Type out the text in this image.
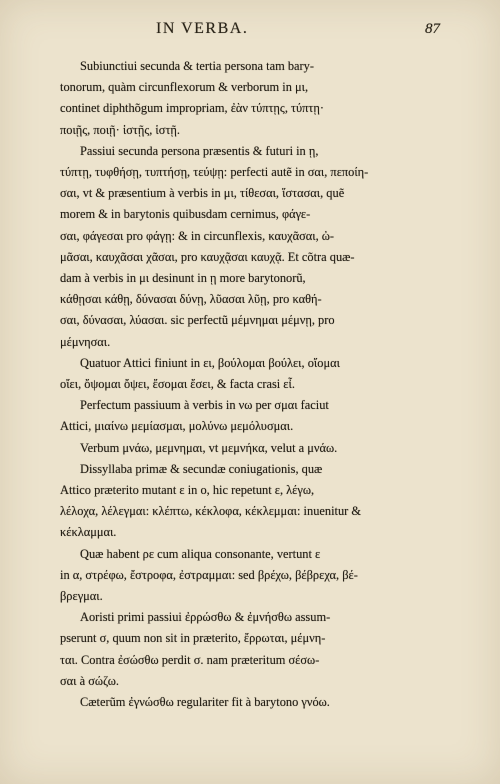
IN VERBA.	87
Subiunctiui secunda & tertia persona tam bary-
tonorum, quàm circunflexorum & verborum in μι,
continet diphthõgum impropriam, ἐὰν τύπτῃς, τύπτῃ·
ποιῇς, ποιῇ· ἱστῇς, ἱστῇ.
Passiui secunda persona præsentis & futuri in ῃ,
τύπτῃ, τυφθήσῃ, τυπτήσῃ, τεύψῃ: perfecti autẽ in σαι, πεποίη-
σαι, vt & præsentium à verbis in μι, τίθεσαι, ἵστασαι, quẽ
morem & in barytonis quibusdam cernimus, φάγε-
σαι, φάγεσαι pro φάγῃ: & in circunflexis, καυχᾶσαι, ὠ-
μᾶσαι, καυχᾶσαι χᾶσαι, pro καυχᾷσαι καυχᾷ. Et cõtra quæ-
dam à verbis in μι desinunt in ῃ more barytonorũ,
κάθῃσαι κάθῃ, δύνασαι δύνῃ, λῦασαι λῦῃ, pro καθή-
σαι, δύνασαι, λύασαι. sic perfectũ μέμνημαι μέμνῃ, pro
μέμνησαι.
Quatuor Attici finiunt in ει, βούλομαι βούλει, οἴομαι
οἴει, ὄψομαι ὄψει, ἔσομαι ἔσει, & facta crasi εἶ.
Perfectum passiuum à verbis in νω per σμαι faciut
Attici, μιαίνω μεμίασμαι, μολύνω μεμόλυσμαι.
Verbum μνάω, μεμνημαι, vt μεμνήκα, velut a μνάω.
Dissyllaba primæ & secundæ coniugationis, quæ
Attico præterito mutant ε in ο, hic repetunt ε, λέγω,
λέλοχα, λέλεγμαι: κλέπτω, κέκλοφα, κέκλεμμαι: inuenitur &
κέκλαμμαι.
Quæ habent ρε cum aliqua consonante, vertunt ε
in α, στρέφω, ἔστροφα, ἐστραμμαι: sed βρέχω, βέβρεχα, βέ-
βρεγμαι.
Aoristi primi passiui ἐρρώσθω & ἐμνήσθω assum-
pserunt σ, quum non sit in præterito, ἔρρωται, μέμνη-
ται. Contra ἐσώσθω perdit σ. nam præteritum σέσω-
σαι à σώζω.
Cæterũm ἐγνώσθω regulariter fit à barytono γνόω.
